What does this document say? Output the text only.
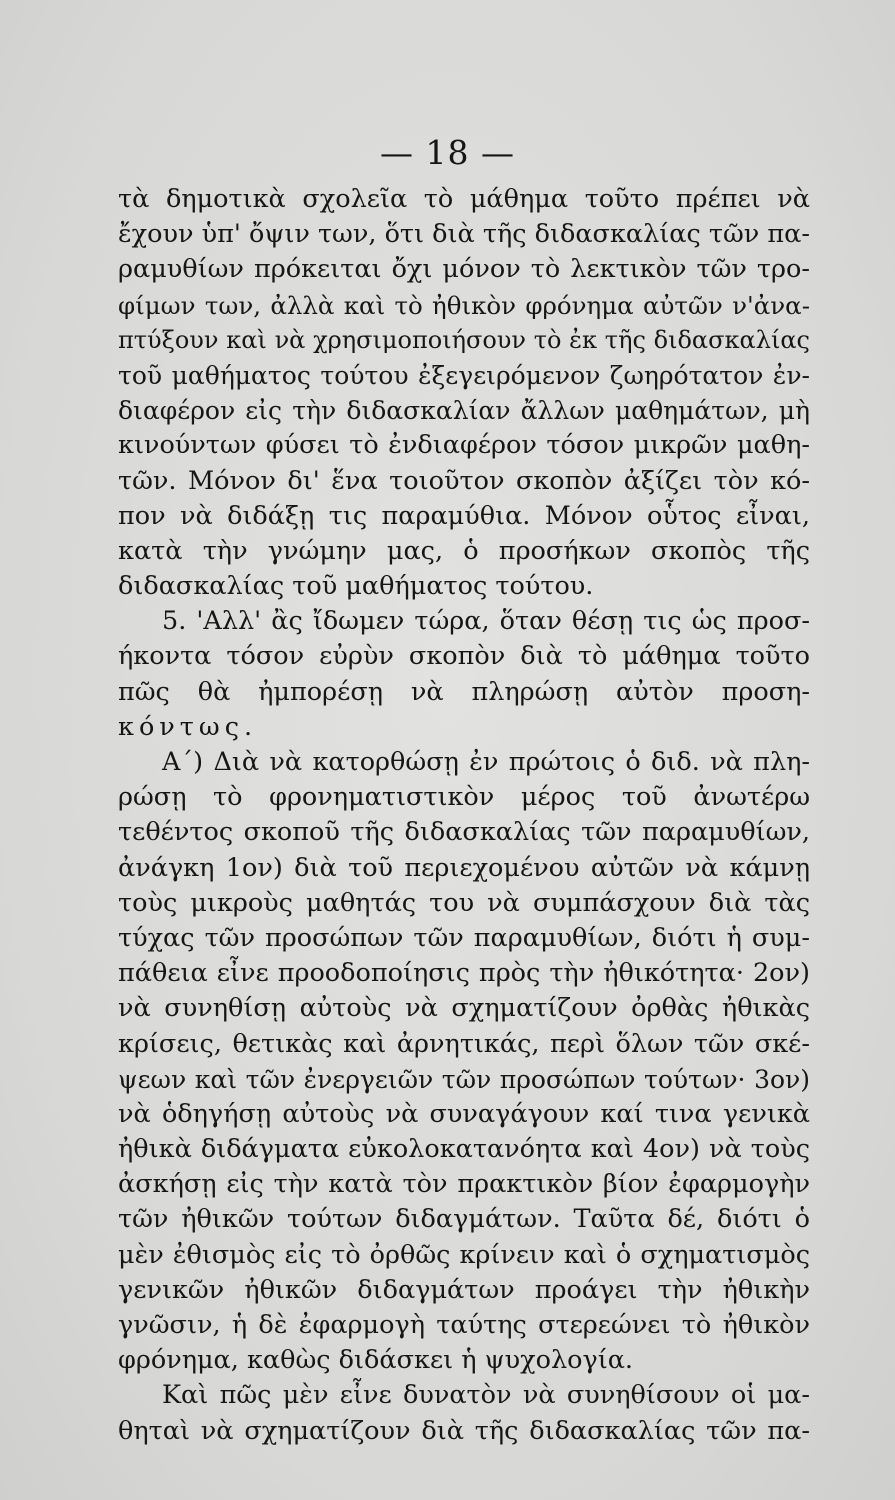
— 18 —
τὰ δημοτικὰ σχολεῖα τὸ μάθημα τοῦτο πρέπει νὰ
ἔχουν ὑπ' ὄψιν των, ὅτι διὰ τῆς διδασκαλίας τῶν πα-
ραμυθίων πρόκειται ὄχι μόνον τὸ λεκτικὸν τῶν τρο-
φίμων των, ἀλλὰ καὶ τὸ ἠθικὸν φρόνημα αὐτῶν ν'ἀνα-
πτύξουν καὶ νὰ χρησιμοποιήσουν τὸ ἐκ τῆς διδασκαλίας
τοῦ μαθήματος τούτου ἐξεγειρόμενον ζωηρότατον ἐν-
διαφέρον εἰς τὴν διδασκαλίαν ἄλλων μαθημάτων, μὴ
κινούντων φύσει τὸ ἐνδιαφέρον τόσον μικρῶν μαθη-
τῶν. Μόνον δι' ἕνα τοιοῦτον σκοπὸν ἀξίζει τὸν κό-
πον νὰ διδάξῃ τις παραμύθια. Μόνον οὗτος εἶναι,
κατὰ τὴν γνώμην μας, ὁ προσήκων σκοπὸς τῆς
διδασκαλίας τοῦ μαθήματος τούτου.
5. 'Αλλ' ἂς ἴδωμεν τώρα, ὅταν θέσῃ τις ὡς προσ-
ήκοντα τόσον εὐρὺν σκοπὸν διὰ τὸ μάθημα τοῦτο
πῶς θὰ ἠμπορέσῃ νὰ πληρώσῃ αὐτὸν προση-
κόντως.
Α΄) Διὰ νὰ κατορθώσῃ ἐν πρώτοις ὁ διδ. νὰ πλη-
ρώσῃ τὸ φρονηματιστικὸν μέρος τοῦ ἀνωτέρω
τεθέντος σκοποῦ τῆς διδασκαλίας τῶν παραμυθίων,
ἀνάγκη 1ον) διὰ τοῦ περιεχομένου αὐτῶν νὰ κάμνῃ
τοὺς μικροὺς μαθητάς του νὰ συμπάσχουν διὰ τὰς
τύχας τῶν προσώπων τῶν παραμυθίων, διότι ἡ συμ-
πάθεια εἶνε προοδοποίησις πρὸς τὴν ἠθικότητα· 2ον)
νὰ συνηθίσῃ αὐτοὺς νὰ σχηματίζουν ὀρθὰς ἠθικὰς
κρίσεις, θετικὰς καὶ ἀρνητικάς, περὶ ὅλων τῶν σκέ-
ψεων καὶ τῶν ἐνεργειῶν τῶν προσώπων τούτων· 3ον)
νὰ ὁδηγήσῃ αὐτοὺς νὰ συναγάγουν καί τινα γενικὰ
ἠθικὰ διδάγματα εὐκολοκατανόητα καὶ 4ον) νὰ τοὺς
ἀσκήσῃ εἰς τὴν κατὰ τὸν πρακτικὸν βίον ἐφαρμογὴν
τῶν ἠθικῶν τούτων διδαγμάτων. Ταῦτα δέ, διότι ὁ
μὲν ἐθισμὸς εἰς τὸ ὀρθῶς κρίνειν καὶ ὁ σχηματισμὸς
γενικῶν ἠθικῶν διδαγμάτων προάγει τὴν ἠθικὴν
γνῶσιν, ἡ δὲ ἐφαρμογὴ ταύτης στερεώνει τὸ ἠθικὸν
φρόνημα, καθὼς διδάσκει ἡ ψυχολογία.
Καὶ πῶς μὲν εἶνε δυνατὸν νὰ συνηθίσουν οἱ μα-
θηταὶ νὰ σχηματίζουν διὰ τῆς διδασκαλίας τῶν πα-
